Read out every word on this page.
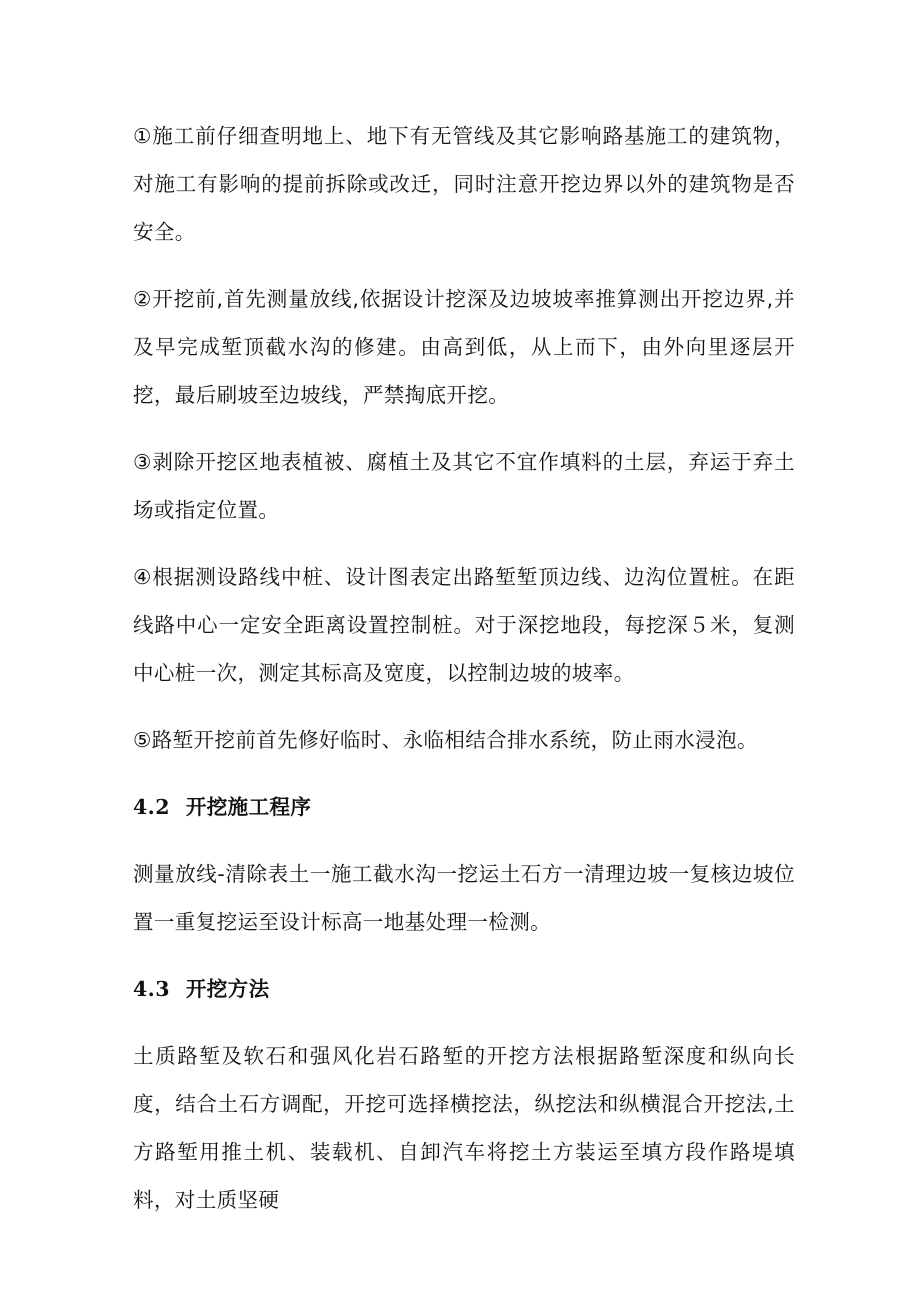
①施工前仔细查明地上、地下有无管线及其它影响路基施工的建筑物，对施工有影响的提前拆除或改迁，同时注意开挖边界以外的建筑物是否安全。

②开挖前,首先测量放线,依据设计挖深及边坡坡率推算测出开挖边界,并及早完成堑顶截水沟的修建。由高到低，从上而下，由外向里逐层开挖，最后刷坡至边坡线，严禁掏底开挖。

③剥除开挖区地表植被、腐植土及其它不宜作填料的土层，弃运于弃土场或指定位置。

④根据测设路线中桩、设计图表定出路堑堑顶边线、边沟位置桩。在距线路中心一定安全距离设置控制桩。对于深挖地段，每挖深５米，复测中心桩一次，测定其标高及宽度，以控制边坡的坡率。

⑤路堑开挖前首先修好临时、永临相结合排水系统，防止雨水浸泡。

4.2 开挖施工程序

测量放线-清除表土一施工截水沟一挖运土石方一清理边坡一复核边坡位置一重复挖运至设计标高一地基处理一检测。

4.3 开挖方法

土质路堑及软石和强风化岩石路堑的开挖方法根据路堑深度和纵向长度，结合土石方调配，开挖可选择横挖法，纵挖法和纵横混合开挖法,土方路堑用推土机、装载机、自卸汽车将挖土方装运至填方段作路堤填料，对土质坚硬
